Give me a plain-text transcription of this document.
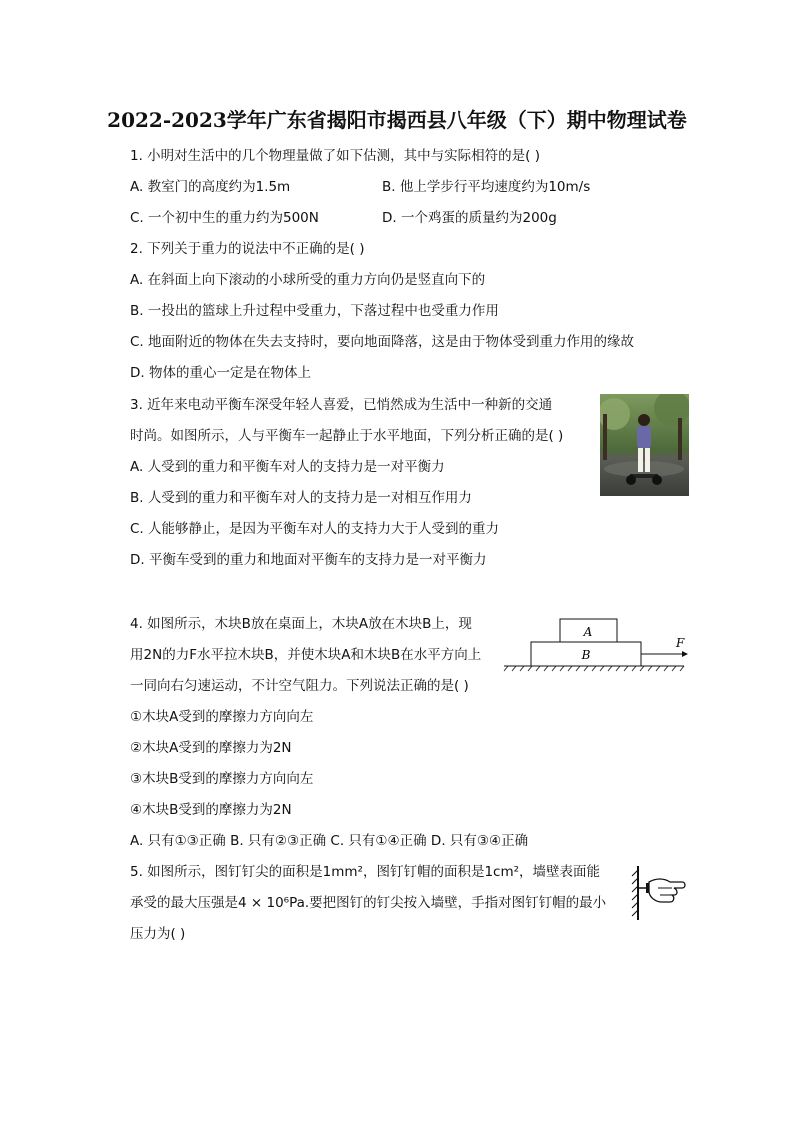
2022-2023学年广东省揭阳市揭西县八年级（下）期中物理试卷
1. 小明对生活中的几个物理量做了如下估测，其中与实际相符的是( )
A. 教室门的高度约为1.5m	B. 他上学步行平均速度约为10m/s
C. 一个初中生的重力约为500N	D. 一个鸡蛋的质量约为200g
2. 下列关于重力的说法中不正确的是( )
A. 在斜面上向下滚动的小球所受的重力方向仍是竖直向下的
B. 一投出的篮球上升过程中受重力，下落过程中也受重力作用
C. 地面附近的物体在失去支持时，要向地面降落，这是由于物体受到重力作用的缘故
D. 物体的重心一定是在物体上
3. 近年来电动平衡车深受年轻人喜爱，已悄然成为生活中一种新的交通
时尚。如图所示，人与平衡车一起静止于水平地面，下列分析正确的是( )
A. 人受到的重力和平衡车对人的支持力是一对平衡力
B. 人受到的重力和平衡车对人的支持力是一对相互作用力
C. 人能够静止，是因为平衡车对人的支持力大于人受到的重力
D. 平衡车受到的重力和地面对平衡车的支持力是一对平衡力
4. 如图所示，木块B放在桌面上，木块A放在木块B上，现
用2N的力F水平拉木块B，并使木块A和木块B在水平方向上
一同向右匀速运动，不计空气阻力。下列说法正确的是( )
①木块A受到的摩擦力方向向左
②木块A受到的摩擦力为2N
③木块B受到的摩擦力方向向左
④木块B受到的摩擦力为2N
A. 只有①③正确 B. 只有②③正确 C. 只有①④正确 D. 只有③④正确
A
B
F
5. 如图所示，图钉钉尖的面积是1mm²，图钉钉帽的面积是1cm²，墙壁表面能
承受的最大压强是4 × 10⁶Pa.要把图钉的钉尖按入墙壁，手指对图钉钉帽的最小
压力为( )
